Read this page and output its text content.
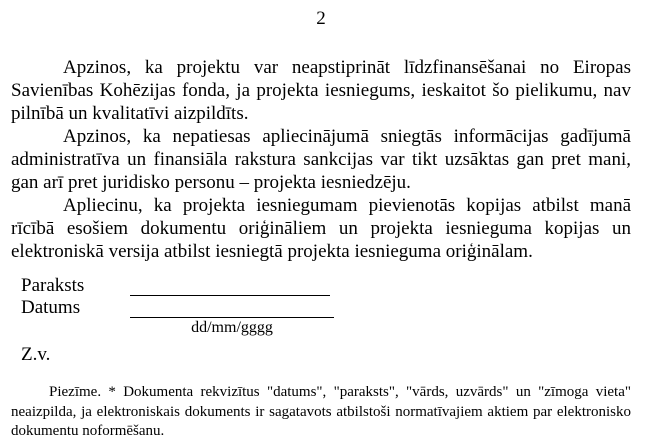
2

Apzinos, ka projektu var neapstiprināt līdzfinansēšanai no Eiropas Savienības Kohēzijas fonda, ja projekta iesniegums, ieskaitot šo pielikumu, nav pilnībā un kvalitatīvi aizpildīts.

Apzinos, ka nepatiesas apliecinājumā sniegtās informācijas gadījumā administratīva un finansiāla rakstura sankcijas var tikt uzsāktas gan pret mani, gan arī pret juridisko personu – projekta iesniedzēju.

Apliecinu, ka projekta iesniegumam pievienotās kopijas atbilst manā rīcībā esošiem dokumentu oriģināliem un projekta iesnieguma kopijas un elektroniskā versija atbilst iesniegtā projekta iesnieguma oriģinālam.

Paraksts
Datums
dd/mm/gggg
Z.v.
Piezīme. * Dokumenta rekvizītus "datums", "paraksts", "vārds, uzvārds" un "zīmoga vieta" neaizpilda, ja elektroniskais dokuments ir sagatavots atbilstoši normatīvajiem aktiem par elektronisko dokumentu noformēšanu.
